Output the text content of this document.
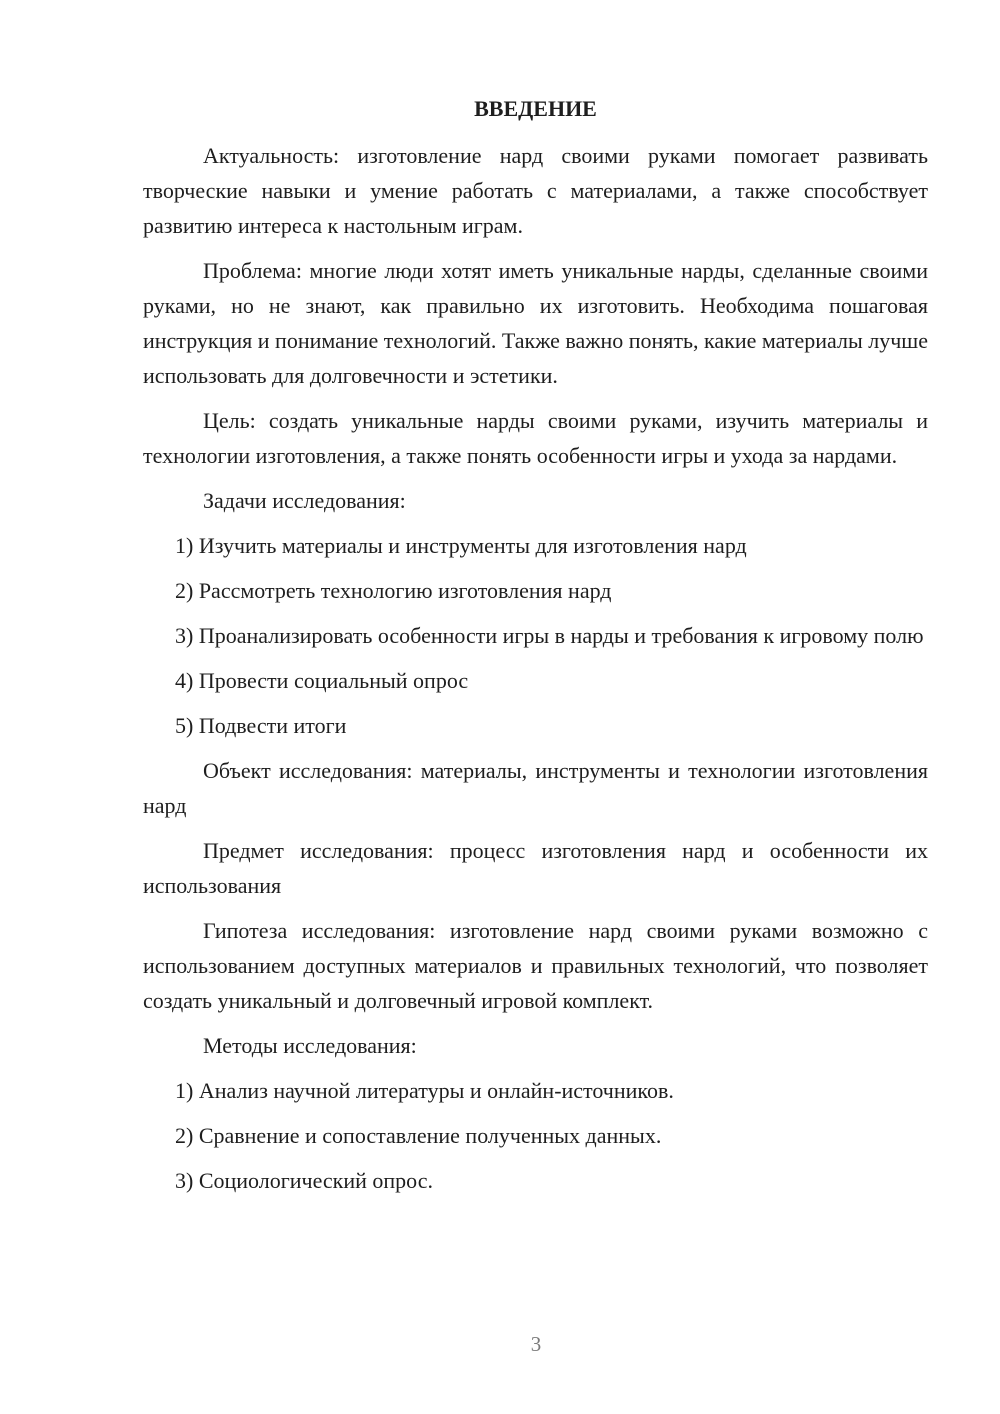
ВВЕДЕНИЕ

Актуальность: изготовление нард своими руками помогает развивать творческие навыки и умение работать с материалами, а также способствует развитию интереса к настольным играм.

Проблема: многие люди хотят иметь уникальные нарды, сделанные своими руками, но не знают, как правильно их изготовить. Необходима пошаговая инструкция и понимание технологий. Также важно понять, какие материалы лучше использовать для долговечности и эстетики.

Цель: создать уникальные нарды своими руками, изучить материалы и технологии изготовления, а также понять особенности игры и ухода за нардами.

Задачи исследования:

1) Изучить материалы и инструменты для изготовления нард

2) Рассмотреть технологию изготовления нард

3) Проанализировать особенности игры в нарды и требования к игровому полю

4) Провести социальный опрос

5) Подвести итоги

Объект исследования: материалы, инструменты и технологии изготовления нард

Предмет исследования: процесс изготовления нард и особенности их использования

Гипотеза исследования: изготовление нард своими руками возможно с использованием доступных материалов и правильных технологий, что позволяет создать уникальный и долговечный игровой комплект.

Методы исследования:

1) Анализ научной литературы и онлайн-источников.

2) Сравнение и сопоставление полученных данных.

3) Социологический опрос.

3
